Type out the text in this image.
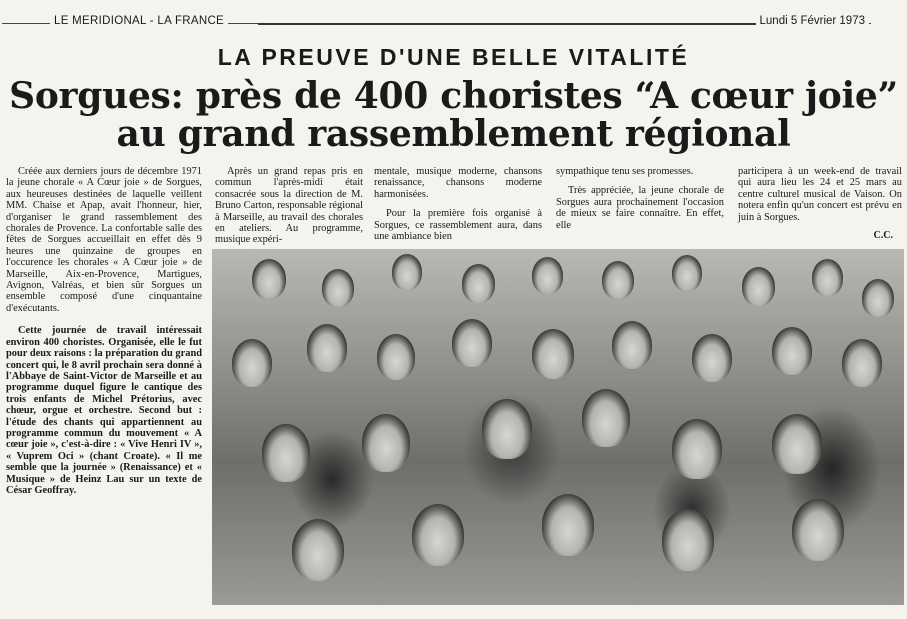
LE MERIDIONAL - LA FRANCE	Lundi 5 Février 1973
LA PREUVE D'UNE BELLE VITALITÉ
Sorgues: près de 400 choristes “A cœur joie”
au grand rassemblement régional

Créée aux derniers jours de décembre 1971 la jeune chorale « A Cœur joie » de Sorgues, aux heureuses destinées de laquelle veillent MM. Chaise et Apap, avait l'honneur, hier, d'organiser le grand rassemblement des chorales de Provence. La confortable salle des fêtes de Sorgues accueillait en effet dès 9 heures une quinzaine de groupes en l'occurence les chorales « A Cœur joie » de Marseille, Aix-en-Provence, Martigues, Avignon, Valréas, et bien sûr Sorgues un ensemble composé d'une cinquantaine d'exécutants.

Cette journée de travail intéressait environ 400 choristes. Organisée, elle le fut pour deux raisons : la préparation du grand concert qui, le 8 avril prochain sera donné à l'Abbaye de Saint-Victor de Marseille et au programme duquel figure le cantique des trois enfants de Michel Prétorius, avec chœur, orgue et orchestre. Second but : l'étude des chants qui appartiennent au programme commun du mouvement « A cœur joie », c'est-à-dire : « Vive Henri IV », « Vuprem Oci » (chant Croate). « Il me semble que la journée » (Renaissance) et « Musique » de Heinz Lau sur un texte de César Geoffray.

Après un grand repas pris en commun l'après-midi était consacrée sous la direction de M. Bruno Carton, responsable régional à Marseille, au travail des chorales en ateliers. Au programme, musique expéri-

mentale, musique moderne, chansons renaissance, chansons moderne harmonisées.

Pour la première fois organisé à Sorgues, ce rassemblement aura, dans une ambiance bien

sympathique tenu ses promesses.

Très appréciée, la jeune chorale de Sorgues aura prochainement l'occasion de mieux se faire connaître. En effet, elle

participera à un week-end de travail qui aura lieu les 24 et 25 mars au centre culturel musical de Vaison. On notera enfin qu'un concert est prévu en juin à Sorgues.

C.C.
